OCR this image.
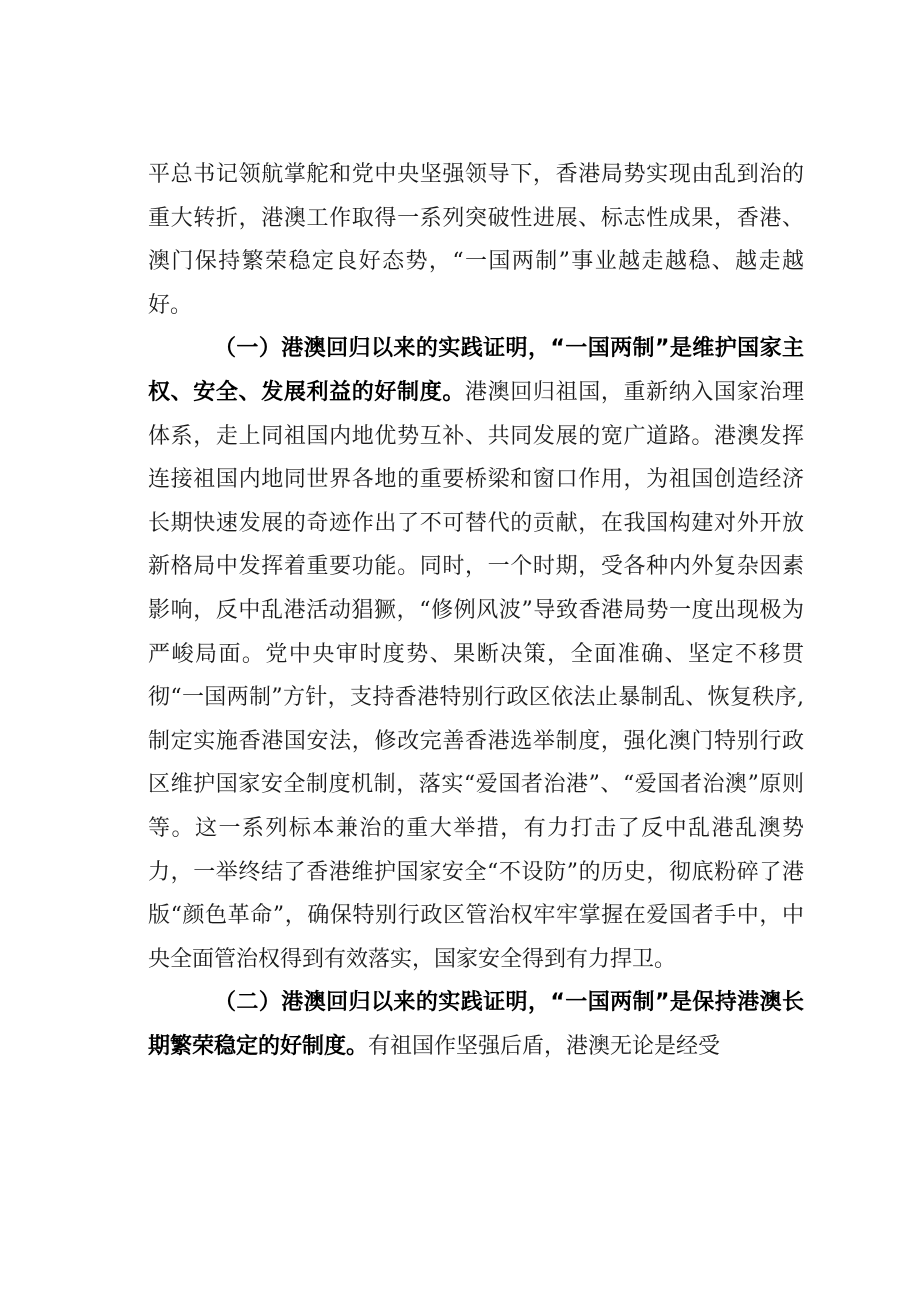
平总书记领航掌舵和党中央坚强领导下，香港局势实现由乱到治的重大转折，港澳工作取得一系列突破性进展、标志性成果，香港、澳门保持繁荣稳定良好态势，“一国两制”事业越走越稳、越走越好。

（一）港澳回归以来的实践证明，“一国两制”是维护国家主权、安全、发展利益的好制度。港澳回归祖国，重新纳入国家治理体系，走上同祖国内地优势互补、共同发展的宽广道路。港澳发挥连接祖国内地同世界各地的重要桥梁和窗口作用，为祖国创造经济长期快速发展的奇迹作出了不可替代的贡献，在我国构建对外开放新格局中发挥着重要功能。同时，一个时期，受各种内外复杂因素影响，反中乱港活动猖獗，“修例风波”导致香港局势一度出现极为严峻局面。党中央审时度势、果断决策，全面准确、坚定不移贯彻“一国两制”方针，支持香港特别行政区依法止暴制乱、恢复秩序,制定实施香港国安法，修改完善香港选举制度，强化澳门特别行政区维护国家安全制度机制，落实“爱国者治港”、“爱国者治澳”原则等。这一系列标本兼治的重大举措，有力打击了反中乱港乱澳势力，一举终结了香港维护国家安全“不设防”的历史，彻底粉碎了港版“颜色革命”，确保特别行政区管治权牢牢掌握在爱国者手中，中央全面管治权得到有效落实，国家安全得到有力捍卫。

（二）港澳回归以来的实践证明，“一国两制”是保持港澳长期繁荣稳定的好制度。有祖国作坚强后盾，港澳无论是经受
